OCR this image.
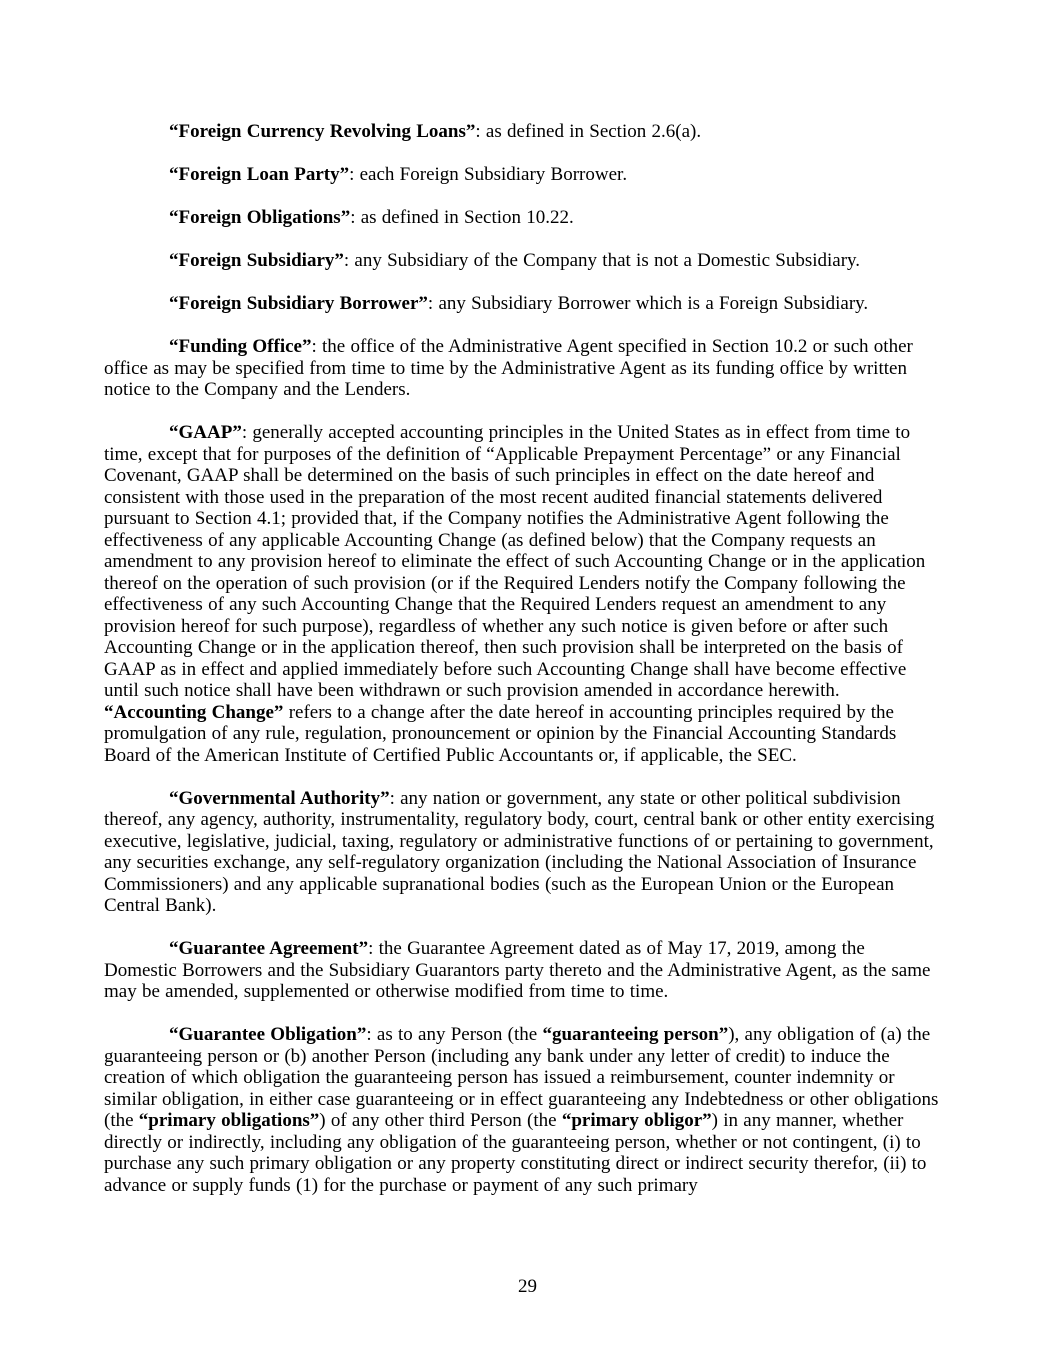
“Foreign Currency Revolving Loans”: as defined in Section 2.6(a).

“Foreign Loan Party”: each Foreign Subsidiary Borrower.

“Foreign Obligations”: as defined in Section 10.22.

“Foreign Subsidiary”: any Subsidiary of the Company that is not a Domestic Subsidiary.

“Foreign Subsidiary Borrower”: any Subsidiary Borrower which is a Foreign Subsidiary.

“Funding Office”: the office of the Administrative Agent specified in Section 10.2 or such other office as may be specified from time to time by the Administrative Agent as its funding office by written notice to the Company and the Lenders.

“GAAP”: generally accepted accounting principles in the United States as in effect from time to time, except that for purposes of the definition of “Applicable Prepayment Percentage” or any Financial Covenant, GAAP shall be determined on the basis of such principles in effect on the date hereof and consistent with those used in the preparation of the most recent audited financial statements delivered pursuant to Section 4.1; provided that, if the Company notifies the Administrative Agent following the effectiveness of any applicable Accounting Change (as defined below) that the Company requests an amendment to any provision hereof to eliminate the effect of such Accounting Change or in the application thereof on the operation of such provision (or if the Required Lenders notify the Company following the effectiveness of any such Accounting Change that the Required Lenders request an amendment to any provision hereof for such purpose), regardless of whether any such notice is given before or after such Accounting Change or in the application thereof, then such provision shall be interpreted on the basis of GAAP as in effect and applied immediately before such Accounting Change shall have become effective until such notice shall have been withdrawn or such provision amended in accordance herewith. “Accounting Change” refers to a change after the date hereof in accounting principles required by the promulgation of any rule, regulation, pronouncement or opinion by the Financial Accounting Standards Board of the American Institute of Certified Public Accountants or, if applicable, the SEC.

“Governmental Authority”: any nation or government, any state or other political subdivision thereof, any agency, authority, instrumentality, regulatory body, court, central bank or other entity exercising executive, legislative, judicial, taxing, regulatory or administrative functions of or pertaining to government, any securities exchange, any self-regulatory organization (including the National Association of Insurance Commissioners) and any applicable supranational bodies (such as the European Union or the European Central Bank).

“Guarantee Agreement”: the Guarantee Agreement dated as of May 17, 2019, among the Domestic Borrowers and the Subsidiary Guarantors party thereto and the Administrative Agent, as the same may be amended, supplemented or otherwise modified from time to time.

“Guarantee Obligation”: as to any Person (the “guaranteeing person”), any obligation of (a) the guaranteeing person or (b) another Person (including any bank under any letter of credit) to induce the creation of which obligation the guaranteeing person has issued a reimbursement, counter indemnity or similar obligation, in either case guaranteeing or in effect guaranteeing any Indebtedness or other obligations (the “primary obligations”) of any other third Person (the “primary obligor”) in any manner, whether directly or indirectly, including any obligation of the guaranteeing person, whether or not contingent, (i) to purchase any such primary obligation or any property constituting direct or indirect security therefor, (ii) to advance or supply funds (1) for the purchase or payment of any such primary

29
